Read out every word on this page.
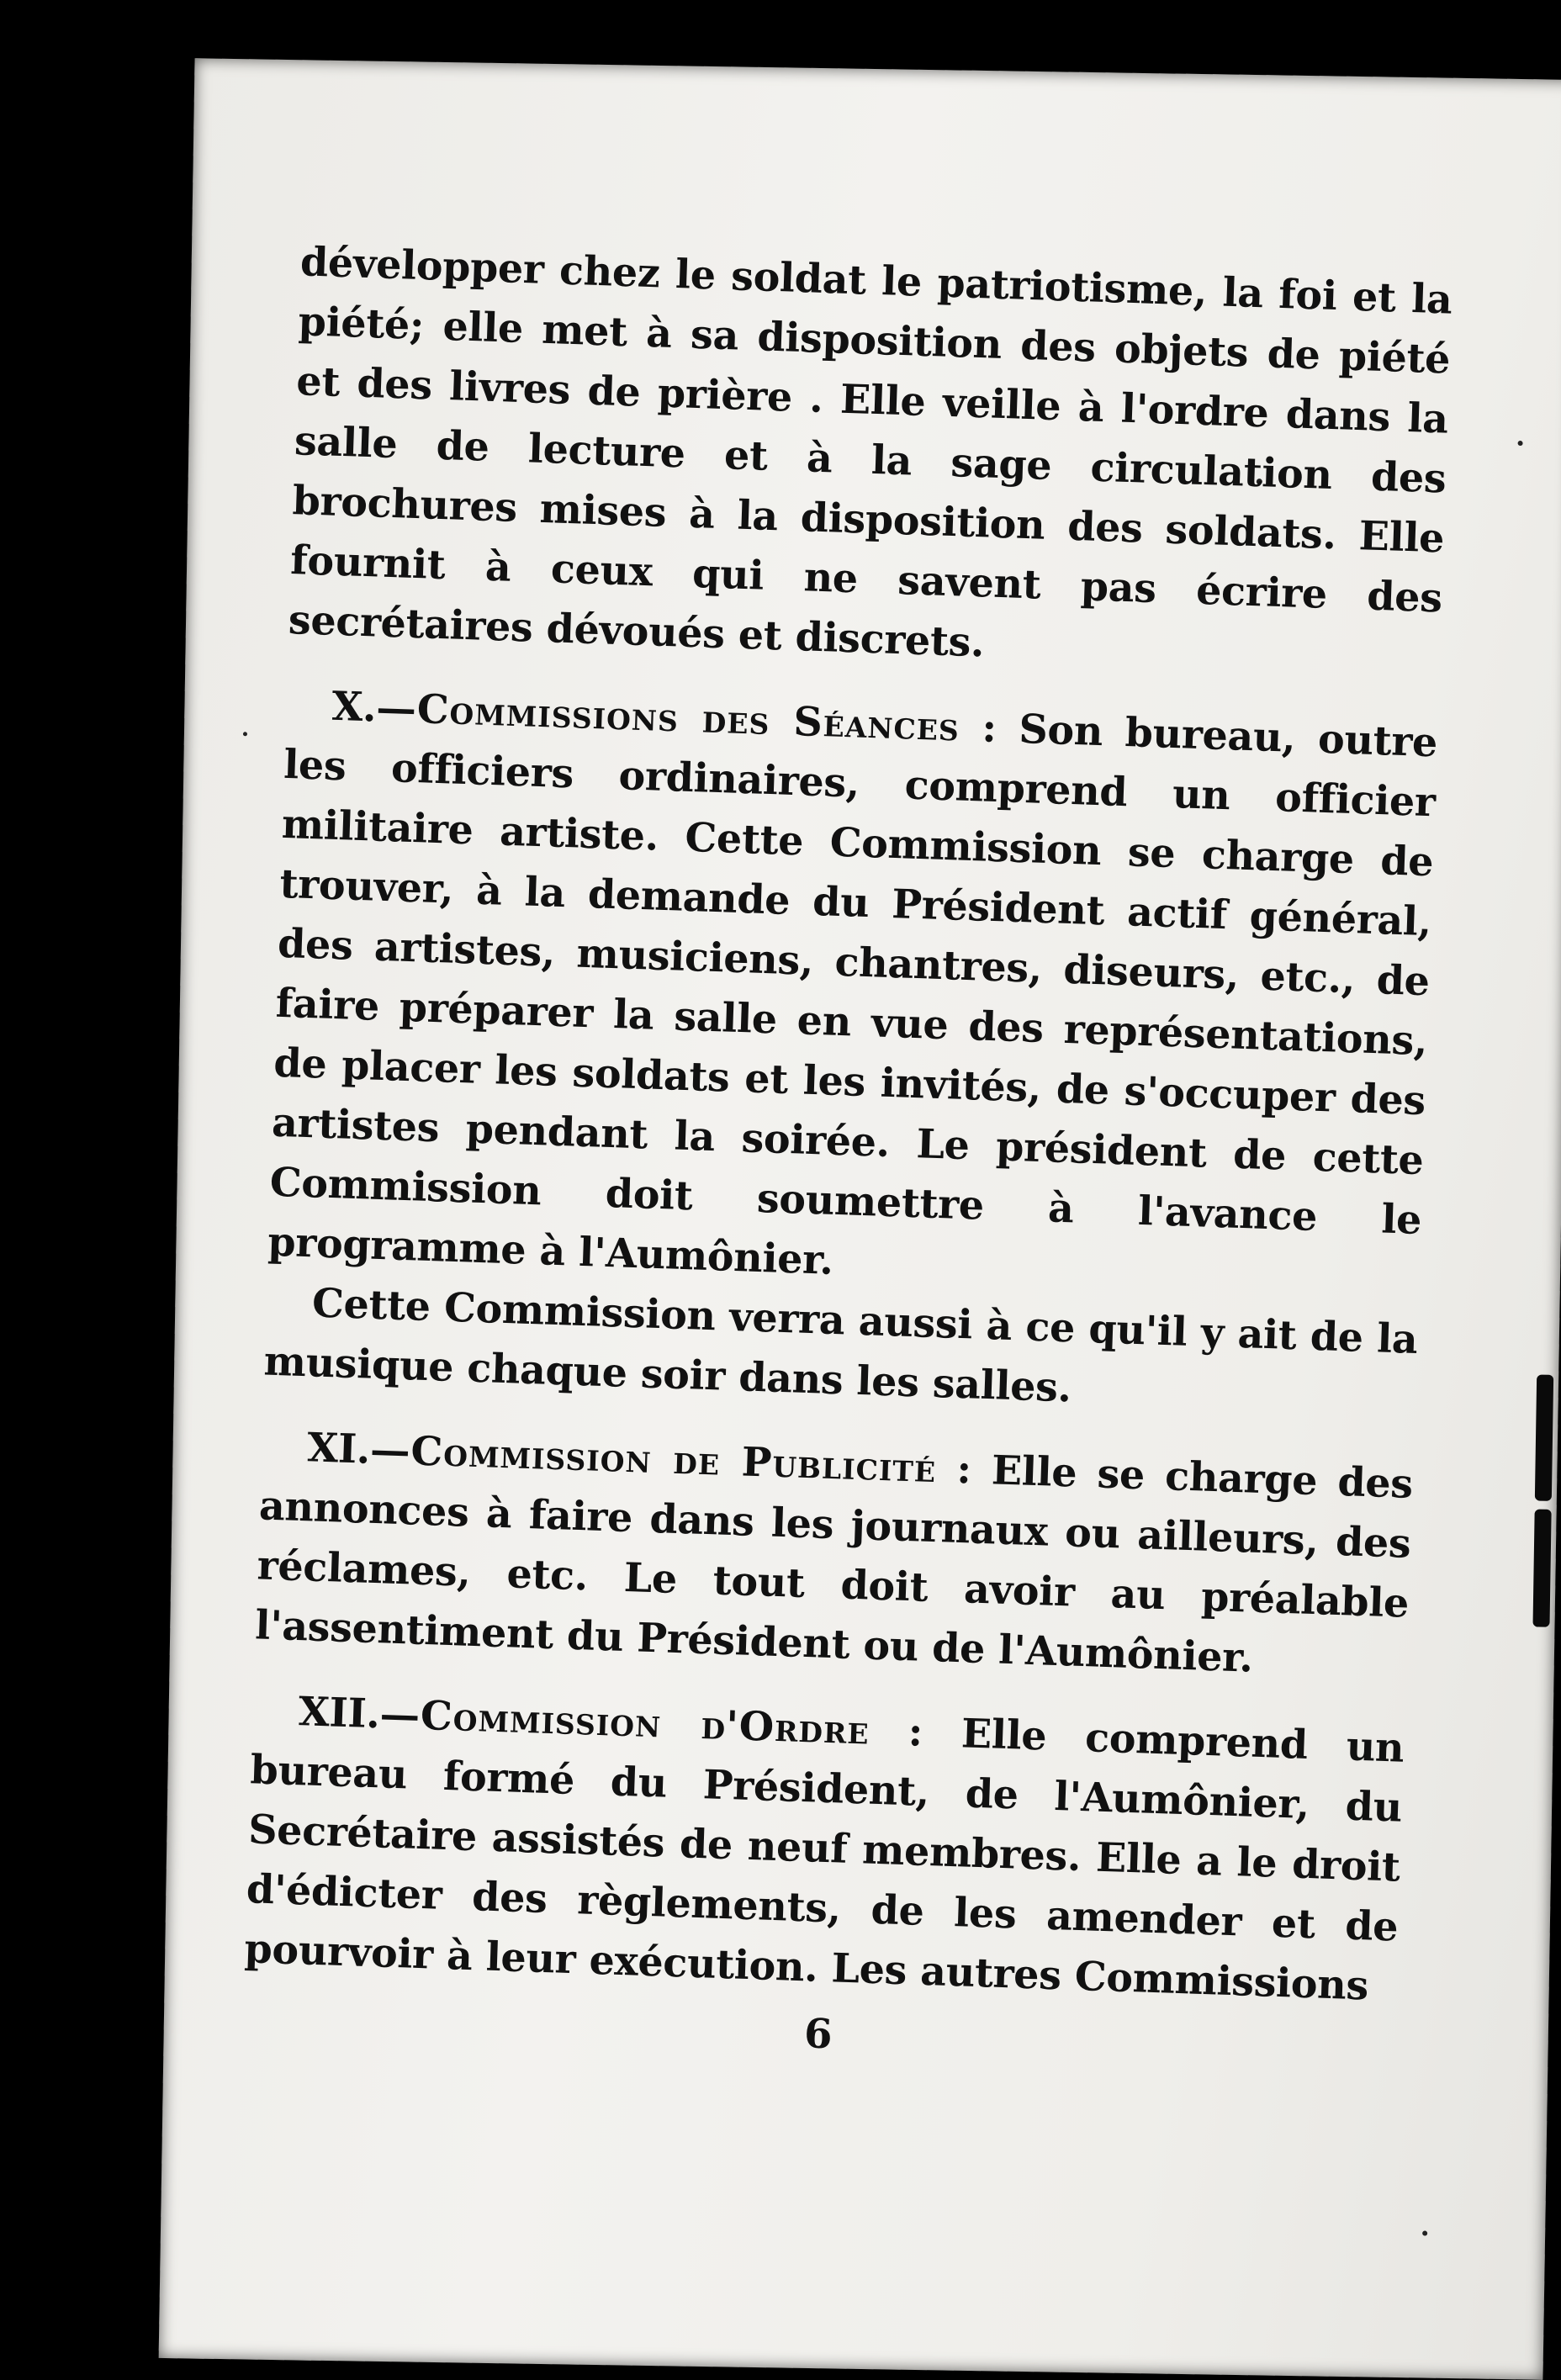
développer chez le soldat le patriotisme, la foi et la piété; elle met à sa disposition des objets de piété et des livres de prière . Elle veille à l'ordre dans la salle de lecture et à la sage circulation des brochures mises à la disposition des soldats. Elle fournit à ceux qui ne savent pas écrire des secrétaires dévoués et discrets.

X.—Commissions des Séances : Son bureau, outre les officiers ordinaires, comprend un officier militaire artiste. Cette Commission se charge de trouver, à la demande du Président actif général, des artistes, musiciens, chantres, diseurs, etc., de faire préparer la salle en vue des représentations, de placer les soldats et les invités, de s'occuper des artistes pendant la soirée. Le président de cette Commission doit soumettre à l'avance le programme à l'Aumônier.

Cette Commission verra aussi à ce qu'il y ait de la musique chaque soir dans les salles.

XI.—Commission de Publicité : Elle se charge des annonces à faire dans les journaux ou ailleurs, des réclames, etc. Le tout doit avoir au préalable l'assentiment du Président ou de l'Aumônier.

XII.—Commission d'Ordre : Elle comprend un bureau formé du Président, de l'Aumônier, du Secrétaire assistés de neuf membres. Elle a le droit d'édicter des règlements, de les amender et de pourvoir à leur exécution. Les autres Commissions

6
